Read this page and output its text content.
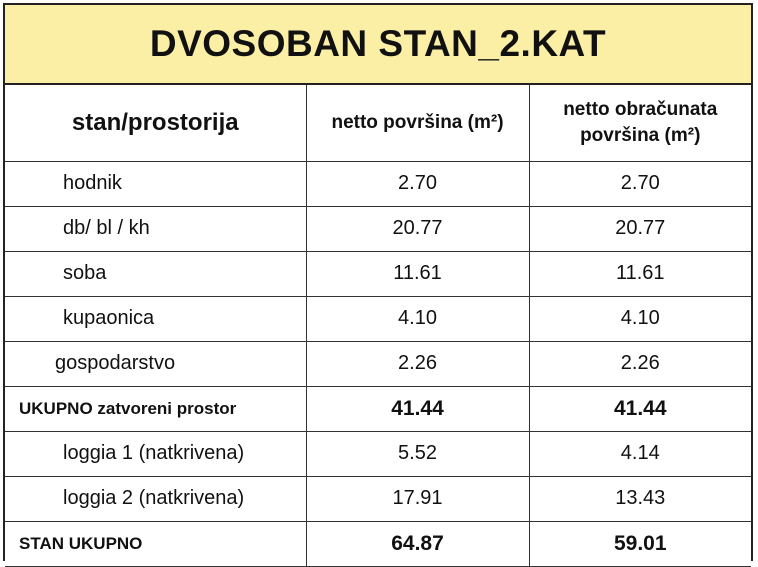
DVOSOBAN STAN_2.KAT
stan/prostorija	netto površina (m²)	netto obračunata
površina (m²)
hodnik	2.70	2.70
db/ bl / kh	20.77	20.77
soba	11.61	11.61
kupaonica	4.10	4.10
gospodarstvo	2.26	2.26
UKUPNO zatvoreni prostor	41.44	41.44
loggia 1 (natkrivena)	5.52	4.14
loggia 2 (natkrivena)	17.91	13.43
STAN UKUPNO	64.87	59.01
